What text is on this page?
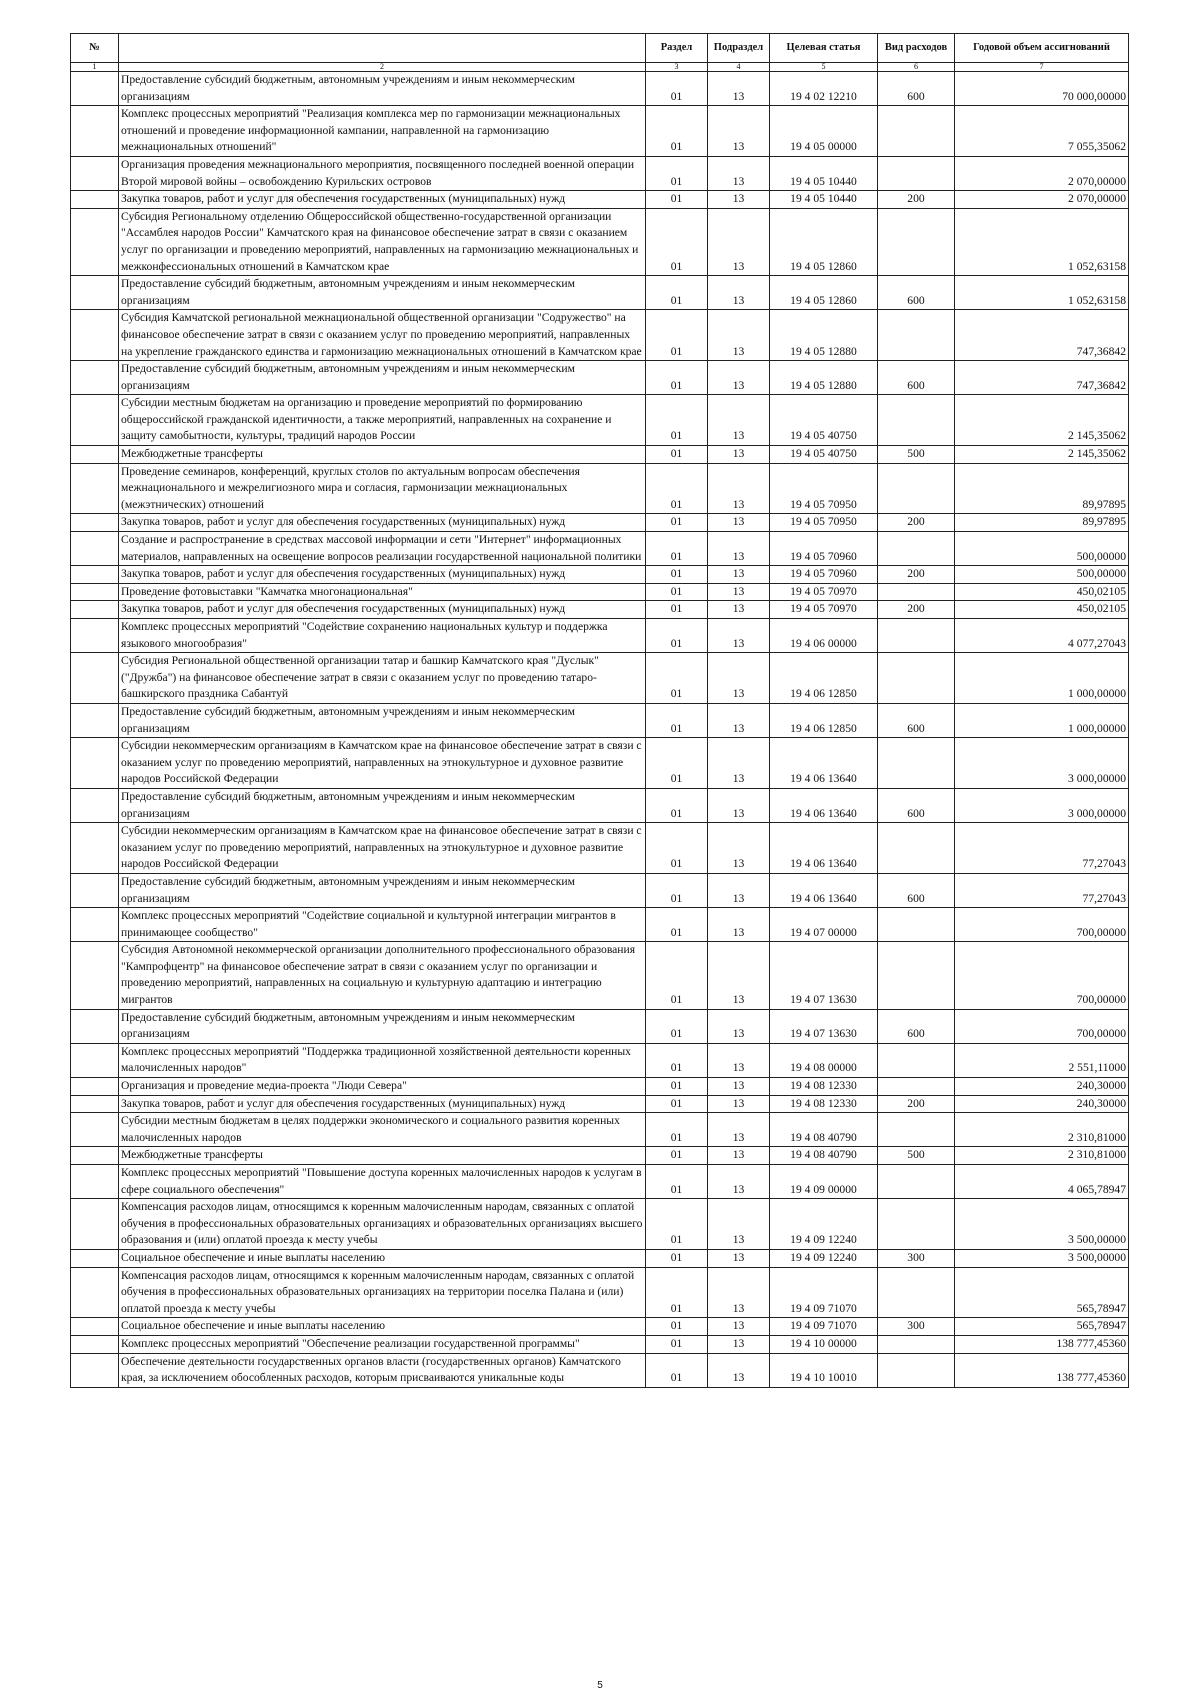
№		Раздел	Подраздел	Целевая статья	Вид расходов	Годовой объем ассигнований
1	2	3	4	5	6	7
	Предоставление субсидий бюджетным, автономным учреждениям и иным некоммерческим организациям	01	13	19 4 02 12210	600	70 000,00000
	Комплекс процессных мероприятий "Реализация комплекса мер по гармонизации межнациональных отношений и проведение информационной кампании, направленной на гармонизацию межнациональных отношений"	01	13	19 4 05 00000		7 055,35062
	Организация проведения межнационального мероприятия, посвященного последней военной операции Второй мировой войны – освобождению Курильских островов	01	13	19 4 05 10440		2 070,00000
	Закупка товаров, работ и услуг для обеспечения государственных (муниципальных) нужд	01	13	19 4 05 10440	200	2 070,00000
	Субсидия Региональному отделению Общероссийской общественно-государственной организации "Ассамблея народов России" Камчатского края на финансовое обеспечение затрат в связи с оказанием услуг по организации и проведению мероприятий, направленных на гармонизацию межнациональных и межконфессиональных отношений в Камчатском крае	01	13	19 4 05 12860		1 052,63158
	Предоставление субсидий бюджетным, автономным учреждениям и иным некоммерческим организациям	01	13	19 4 05 12860	600	1 052,63158
	Субсидия Камчатской региональной межнациональной общественной организации "Содружество" на финансовое обеспечение затрат в связи с оказанием услуг по проведению мероприятий, направленных на укрепление гражданского единства и гармонизацию межнациональных отношений в Камчатском крае	01	13	19 4 05 12880		747,36842
	Предоставление субсидий бюджетным, автономным учреждениям и иным некоммерческим организациям	01	13	19 4 05 12880	600	747,36842
	Субсидии местным бюджетам на организацию и проведение мероприятий по формированию общероссийской гражданской идентичности, а также мероприятий, направленных на сохранение и защиту самобытности, культуры, традиций народов России	01	13	19 4 05 40750		2 145,35062
	Межбюджетные трансферты	01	13	19 4 05 40750	500	2 145,35062
	Проведение семинаров, конференций, круглых столов по актуальным вопросам обеспечения межнационального и межрелигиозного мира и согласия, гармонизации межнациональных (межэтнических) отношений	01	13	19 4 05 70950		89,97895
	Закупка товаров, работ и услуг для обеспечения государственных (муниципальных) нужд	01	13	19 4 05 70950	200	89,97895
	Создание и распространение в средствах массовой информации и сети "Интернет" информационных материалов, направленных на освещение вопросов реализации государственной национальной политики	01	13	19 4 05 70960		500,00000
	Закупка товаров, работ и услуг для обеспечения государственных (муниципальных) нужд	01	13	19 4 05 70960	200	500,00000
	Проведение фотовыставки "Камчатка многонациональная"	01	13	19 4 05 70970		450,02105
	Закупка товаров, работ и услуг для обеспечения государственных (муниципальных) нужд	01	13	19 4 05 70970	200	450,02105
	Комплекс процессных мероприятий "Содействие сохранению национальных культур и поддержка языкового многообразия"	01	13	19 4 06 00000		4 077,27043
	Субсидия Региональной общественной организации татар и башкир Камчатского края "Дуслык" ("Дружба") на финансовое обеспечение затрат в связи с оказанием услуг по проведению татаро-башкирского праздника Сабантуй	01	13	19 4 06 12850		1 000,00000
	Предоставление субсидий бюджетным, автономным учреждениям и иным некоммерческим организациям	01	13	19 4 06 12850	600	1 000,00000
	Субсидии некоммерческим организациям в Камчатском крае на финансовое обеспечение затрат в связи с оказанием услуг по проведению мероприятий, направленных на этнокультурное и духовное развитие народов Российской Федерации	01	13	19 4 06 13640		3 000,00000
	Предоставление субсидий бюджетным, автономным учреждениям и иным некоммерческим организациям	01	13	19 4 06 13640	600	3 000,00000
	Субсидии некоммерческим организациям в Камчатском крае на финансовое обеспечение затрат в связи с оказанием услуг по проведению мероприятий, направленных на этнокультурное и духовное развитие народов Российской Федерации	01	13	19 4 06 13640		77,27043
	Предоставление субсидий бюджетным, автономным учреждениям и иным некоммерческим организациям	01	13	19 4 06 13640	600	77,27043
	Комплекс процессных мероприятий "Содействие социальной и культурной интеграции мигрантов в принимающее сообщество"	01	13	19 4 07 00000		700,00000
	Субсидия Автономной некоммерческой организации дополнительного профессионального образования "Кампрофцентр" на финансовое обеспечение затрат в связи с оказанием услуг по организации и проведению мероприятий, направленных на социальную и культурную адаптацию и интеграцию мигрантов	01	13	19 4 07 13630		700,00000
	Предоставление субсидий бюджетным, автономным учреждениям и иным некоммерческим организациям	01	13	19 4 07 13630	600	700,00000
	Комплекс процессных мероприятий "Поддержка традиционной хозяйственной деятельности коренных малочисленных народов"	01	13	19 4 08 00000		2 551,11000
	Организация и проведение медиа-проекта "Люди Севера"	01	13	19 4 08 12330		240,30000
	Закупка товаров, работ и услуг для обеспечения государственных (муниципальных) нужд	01	13	19 4 08 12330	200	240,30000
	Субсидии местным бюджетам в целях поддержки экономического и социального развития коренных малочисленных народов	01	13	19 4 08 40790		2 310,81000
	Межбюджетные трансферты	01	13	19 4 08 40790	500	2 310,81000
	Комплекс процессных мероприятий "Повышение доступа коренных малочисленных народов к услугам в сфере социального обеспечения"	01	13	19 4 09 00000		4 065,78947
	Компенсация расходов лицам, относящимся к коренным малочисленным народам, связанных с оплатой обучения в профессиональных образовательных организациях и образовательных организациях высшего образования и (или) оплатой проезда к месту учебы	01	13	19 4 09 12240		3 500,00000
	Социальное обеспечение и иные выплаты населению	01	13	19 4 09 12240	300	3 500,00000
	Компенсация расходов лицам, относящимся к коренным малочисленным народам, связанных с оплатой обучения в профессиональных образовательных организациях на территории поселка Палана и (или) оплатой проезда к месту учебы	01	13	19 4 09 71070		565,78947
	Социальное обеспечение и иные выплаты населению	01	13	19 4 09 71070	300	565,78947
	Комплекс процессных мероприятий "Обеспечение реализации государственной программы"	01	13	19 4 10 00000		138 777,45360
	Обеспечение деятельности государственных органов власти (государственных органов) Камчатского края, за исключением обособленных расходов, которым присваиваются уникальные коды	01	13	19 4 10 10010		138 777,45360
5
